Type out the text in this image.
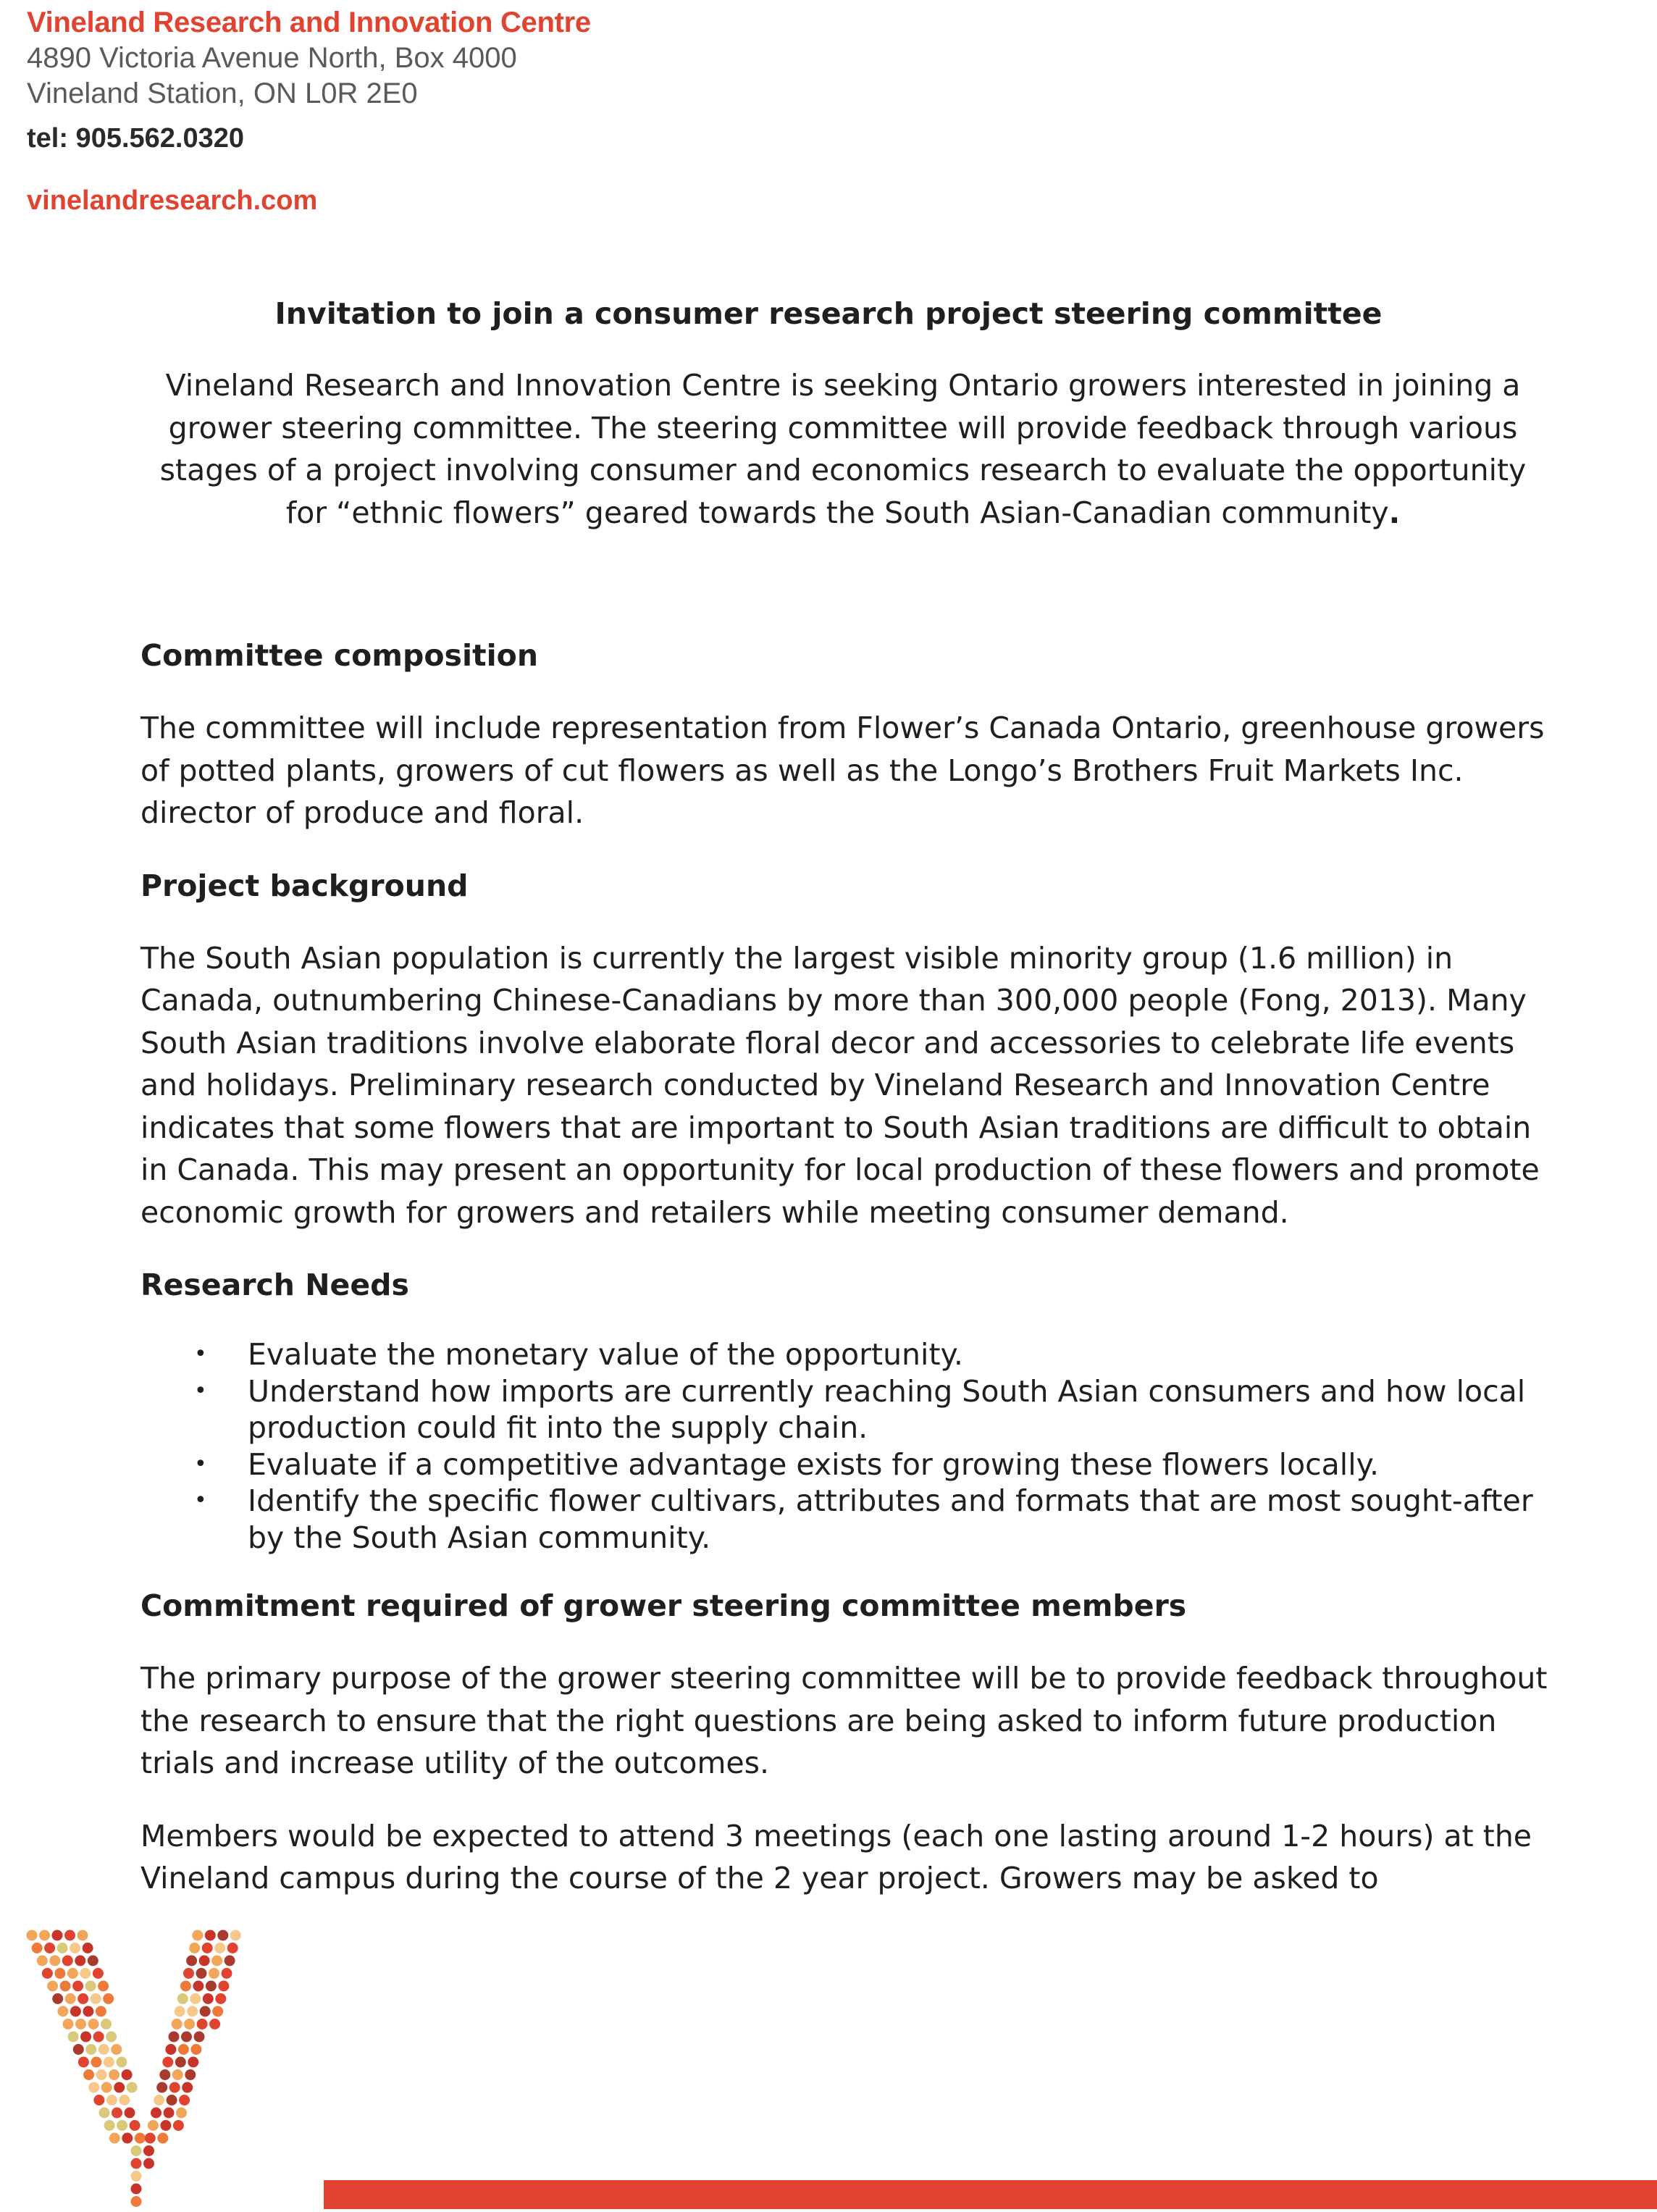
Vineland Research and Innovation Centre
4890 Victoria Avenue North, Box 4000
Vineland Station, ON L0R 2E0
tel: 905.562.0320
vinelandresearch.com
Invitation to join a consumer research project steering committee

Vineland Research and Innovation Centre is seeking Ontario growers interested in joining a grower steering committee. The steering committee will provide feedback through various stages of a project involving consumer and economics research to evaluate the opportunity for “ethnic flowers” geared towards the South Asian-Canadian community.

Committee composition

The committee will include representation from Flower’s Canada Ontario, greenhouse growers of potted plants, growers of cut flowers as well as the Longo’s Brothers Fruit Markets Inc. director of produce and floral.

Project background

The South Asian population is currently the largest visible minority group (1.6 million) in Canada, outnumbering Chinese-Canadians by more than 300,000 people (Fong, 2013). Many South Asian traditions involve elaborate floral decor and accessories to celebrate life events and holidays. Preliminary research conducted by Vineland Research and Innovation Centre indicates that some flowers that are important to South Asian traditions are difficult to obtain in Canada. This may present an opportunity for local production of these flowers and promote economic growth for growers and retailers while meeting consumer demand.

Research Needs
• Evaluate the monetary value of the opportunity.
• Understand how imports are currently reaching South Asian consumers and how local production could fit into the supply chain.
• Evaluate if a competitive advantage exists for growing these flowers locally.
• Identify the specific flower cultivars, attributes and formats that are most sought-after by the South Asian community.
Commitment required of grower steering committee members

The primary purpose of the grower steering committee will be to provide feedback throughout the research to ensure that the right questions are being asked to inform future production trials and increase utility of the outcomes.

Members would be expected to attend 3 meetings (each one lasting around 1-2 hours) at the Vineland campus during the course of the 2 year project. Growers may be asked to
